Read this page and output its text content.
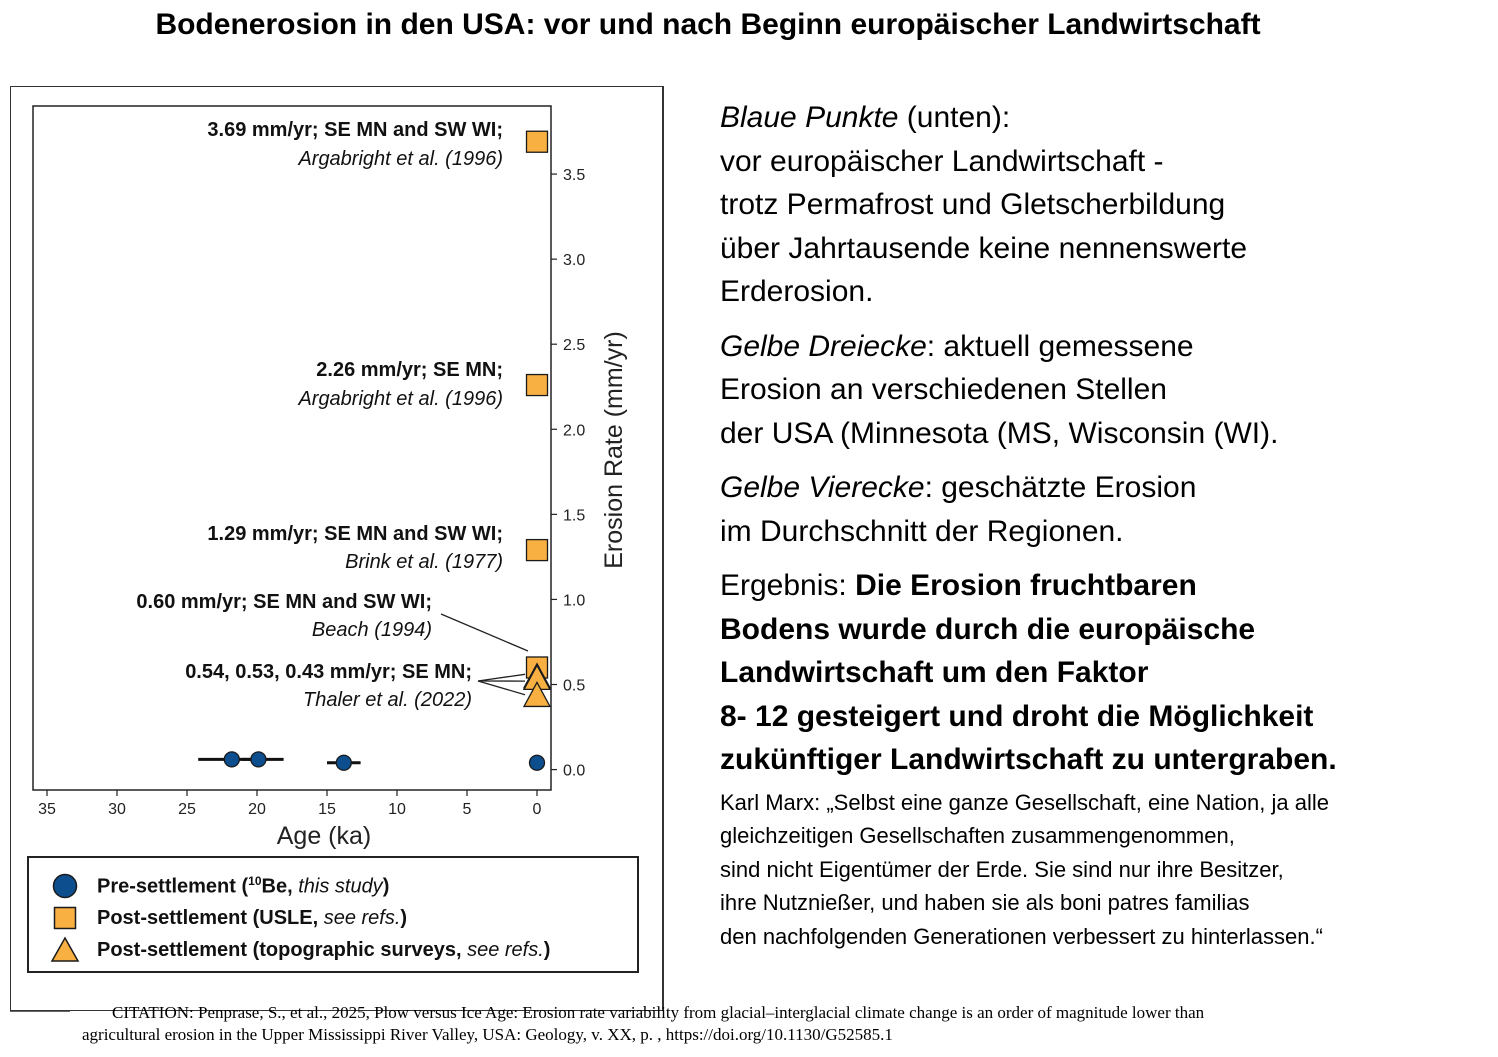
Bodenerosion in den USA: vor und nach Beginn europäischer Landwirtschaft
35	30	25	20	15	10	5	0
Age (ka)
0.0
0.5
1.0
1.5
2.0
2.5
3.0
3.5
Erosion Rate (mm/yr)
3.69 mm/yr; SE MN and SW WI;
Argabright et al. (1996)
2.26 mm/yr; SE MN;
Argabright et al. (1996)
1.29 mm/yr; SE MN and SW WI;
Brink et al. (1977)
0.60 mm/yr; SE MN and SW WI;
Beach (1994)
0.54, 0.53, 0.43 mm/yr; SE MN;
Thaler et al. (2022)
Pre-settlement ($^{10}$Be, this study)
Post-settlement (USLE, see refs.)
Post-settlement (topographic surveys, see refs.)
Blaue Punkte (unten):
vor europäischer Landwirtschaft -
trotz Permafrost und Gletscherbildung
über Jahrtausende keine nennenswerte
Erderosion.
Gelbe Dreiecke: aktuell gemessene
Erosion an verschiedenen Stellen
der USA (Minnesota (MS, Wisconsin (WI).
Gelbe Vierecke: geschätzte Erosion
im Durchschnitt der Regionen.
Ergebnis: Die Erosion fruchtbaren
Bodens wurde durch die europäische
Landwirtschaft um den Faktor
8- 12 gesteigert und droht die Möglichkeit
zukünftiger Landwirtschaft zu untergraben.
Karl Marx: „Selbst eine ganze Gesellschaft, eine Nation, ja alle
gleichzeitigen Gesellschaften zusammengenommen,
sind nicht Eigentümer der Erde. Sie sind nur ihre Besitzer,
ihre Nutznießer, und haben sie als boni patres familias
den nachfolgenden Generationen verbessert zu hinterlassen.“
CITATION: Penprase, S., et al., 2025, Plow versus Ice Age: Erosion rate variability from glacial–interglacial climate change is an order of magnitude lower than
agricultural erosion in the Upper Mississippi River Valley, USA: Geology, v. XX, p. , https://doi.org/10.1130/G52585.1
